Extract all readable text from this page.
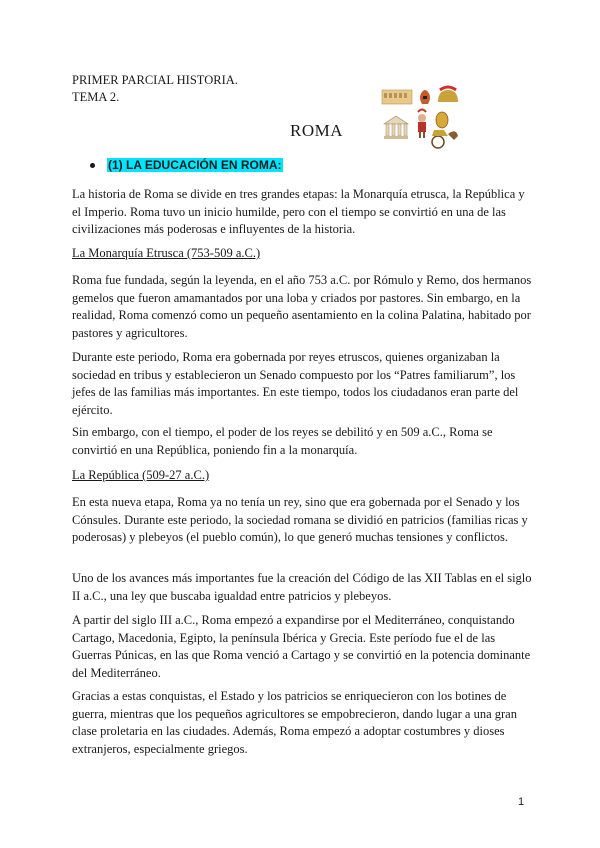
PRIMER PARCIAL HISTORIA.
TEMA 2.
ROMA
(1) LA EDUCACIÓN EN ROMA:
La historia de Roma se divide en tres grandes etapas: la Monarquía etrusca, la República y el Imperio. Roma tuvo un inicio humilde, pero con el tiempo se convirtió en una de las civilizaciones más poderosas e influyentes de la historia.
La Monarquía Etrusca (753-509 a.C.)
Roma fue fundada, según la leyenda, en el año 753 a.C. por Rómulo y Remo, dos hermanos gemelos que fueron amamantados por una loba y criados por pastores. Sin embargo, en la realidad, Roma comenzó como un pequeño asentamiento en la colina Palatina, habitado por pastores y agricultores.
Durante este periodo, Roma era gobernada por reyes etruscos, quienes organizaban la sociedad en tribus y establecieron un Senado compuesto por los “Patres familiarum”, los jefes de las familias más importantes. En este tiempo, todos los ciudadanos eran parte del ejército.
Sin embargo, con el tiempo, el poder de los reyes se debilitó y en 509 a.C., Roma se convirtió en una República, poniendo fin a la monarquía.
La República (509-27 a.C.)
En esta nueva etapa, Roma ya no tenía un rey, sino que era gobernada por el Senado y los Cónsules. Durante este periodo, la sociedad romana se dividió en patricios (familias ricas y poderosas) y plebeyos (el pueblo común), lo que generó muchas tensiones y conflictos.
Uno de los avances más importantes fue la creación del Código de las XII Tablas en el siglo II a.C., una ley que buscaba igualdad entre patricios y plebeyos.
A partir del siglo III a.C., Roma empezó a expandirse por el Mediterráneo, conquistando Cartago, Macedonia, Egipto, la península Ibérica y Grecia. Este período fue el de las Guerras Púnicas, en las que Roma venció a Cartago y se convirtió en la potencia dominante del Mediterráneo.
Gracias a estas conquistas, el Estado y los patricios se enriquecieron con los botines de guerra, mientras que los pequeños agricultores se empobrecieron, dando lugar a una gran clase proletaria en las ciudades. Además, Roma empezó a adoptar costumbres y dioses extranjeros, especialmente griegos.
1
